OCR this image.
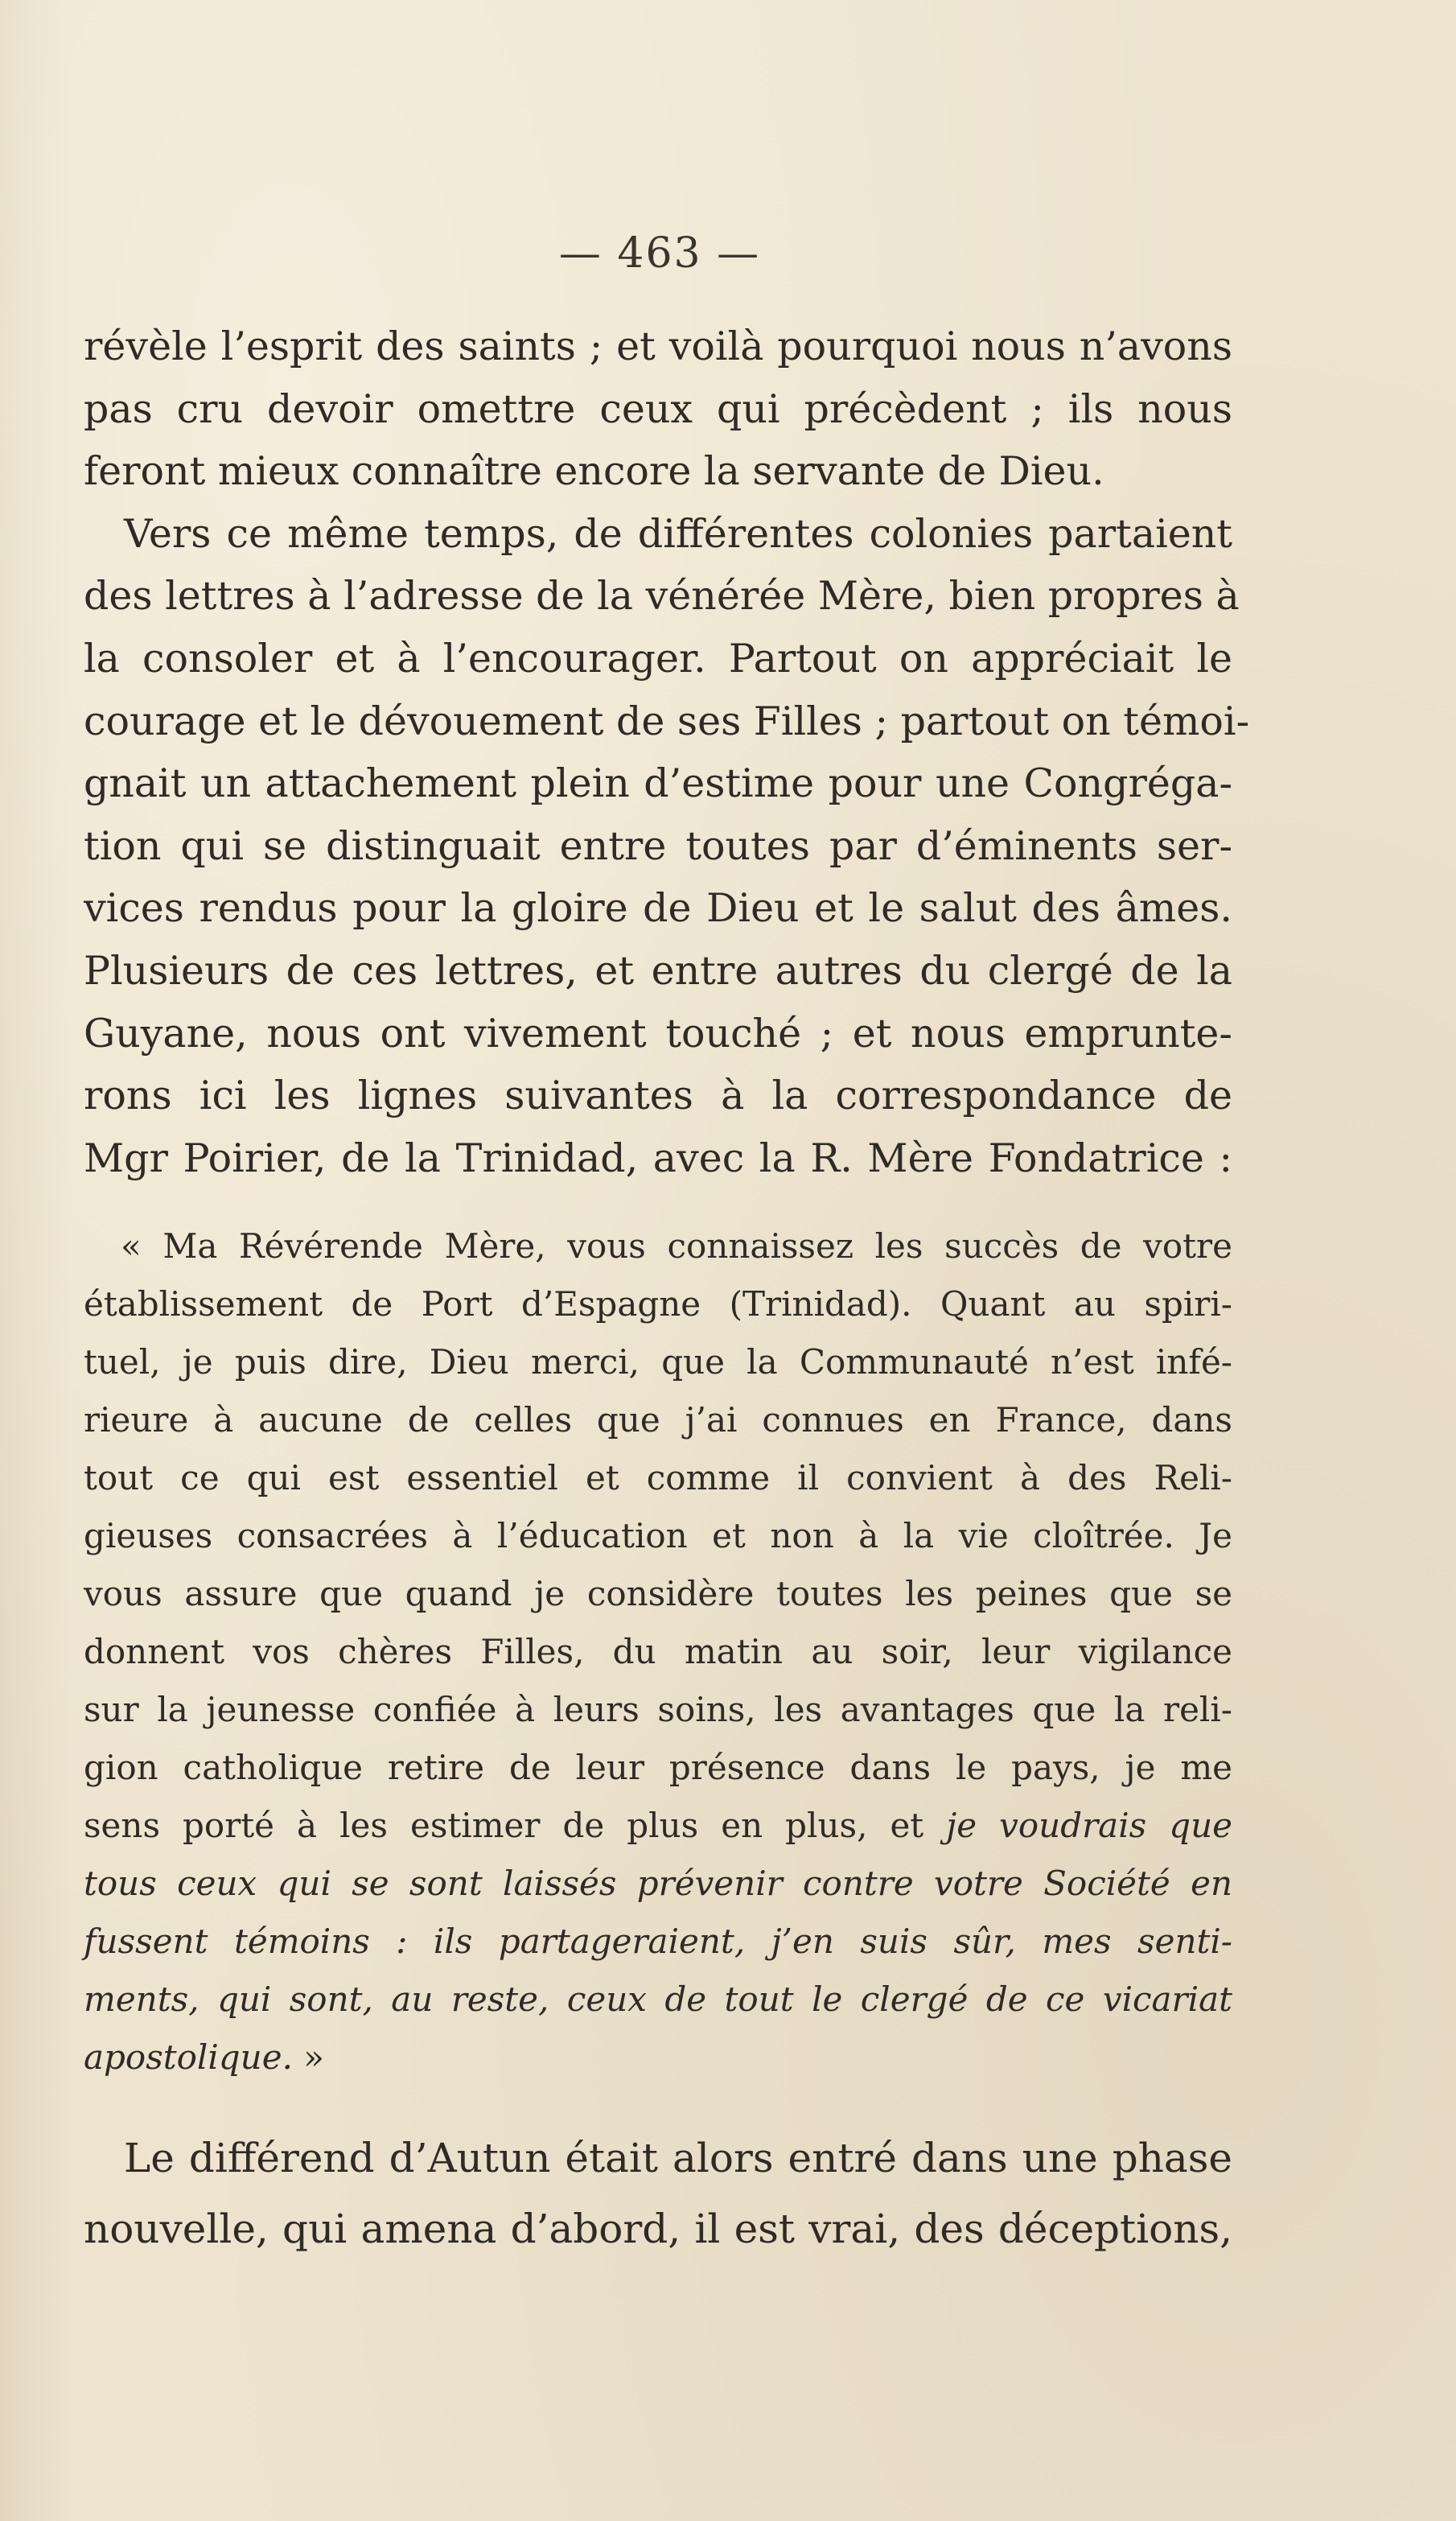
— 463 —
révèle l’esprit des saints ; et voilà pourquoi nous n’avons
pas cru devoir omettre ceux qui précèdent ; ils nous
feront mieux connaître encore la servante de Dieu.
Vers ce même temps, de différentes colonies partaient
des lettres à l’adresse de la vénérée Mère, bien propres à
la consoler et à l’encourager. Partout on appréciait le
courage et le dévouement de ses Filles ; partout on témoi-
gnait un attachement plein d’estime pour une Congréga-
tion qui se distinguait entre toutes par d’éminents ser-
vices rendus pour la gloire de Dieu et le salut des âmes.
Plusieurs de ces lettres, et entre autres du clergé de la
Guyane, nous ont vivement touché ; et nous emprunte-
rons ici les lignes suivantes à la correspondance de
Mgr Poirier, de la Trinidad, avec la R. Mère Fondatrice :
« Ma Révérende Mère, vous connaissez les succès de votre
établissement de Port d’Espagne (Trinidad). Quant au spiri-
tuel, je puis dire, Dieu merci, que la Communauté n’est infé-
rieure à aucune de celles que j’ai connues en France, dans
tout ce qui est essentiel et comme il convient à des Reli-
gieuses consacrées à l’éducation et non à la vie cloîtrée. Je
vous assure que quand je considère toutes les peines que se
donnent vos chères Filles, du matin au soir, leur vigilance
sur la jeunesse confiée à leurs soins, les avantages que la reli-
gion catholique retire de leur présence dans le pays, je me
sens porté à les estimer de plus en plus, et je voudrais que
tous ceux qui se sont laissés prévenir contre votre Société en
fussent témoins : ils partageraient, j’en suis sûr, mes senti-
ments, qui sont, au reste, ceux de tout le clergé de ce vicariat
apostolique. »
Le différend d’Autun était alors entré dans une phase
nouvelle, qui amena d’abord, il est vrai, des déceptions,
